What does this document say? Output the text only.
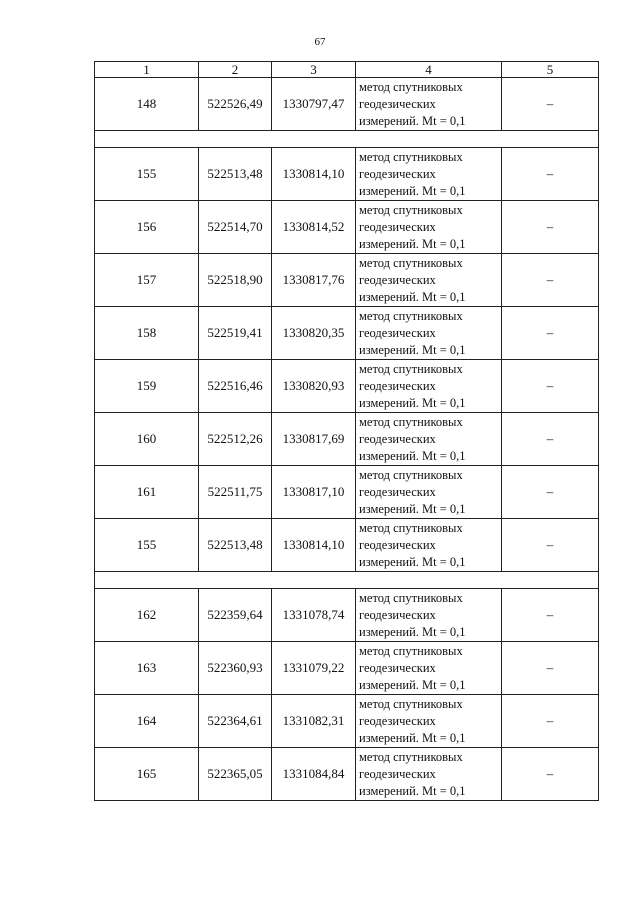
67
1	2	3	4	5
148	522526,49	1330797,47	метод спутниковых
геодезических
измерений. Mt = 0,1	–

155	522513,48	1330814,10	метод спутниковых
геодезических
измерений. Mt = 0,1	–
156	522514,70	1330814,52	метод спутниковых
геодезических
измерений. Mt = 0,1	–
157	522518,90	1330817,76	метод спутниковых
геодезических
измерений. Mt = 0,1	–
158	522519,41	1330820,35	метод спутниковых
геодезических
измерений. Mt = 0,1	–
159	522516,46	1330820,93	метод спутниковых
геодезических
измерений. Mt = 0,1	–
160	522512,26	1330817,69	метод спутниковых
геодезических
измерений. Mt = 0,1	–
161	522511,75	1330817,10	метод спутниковых
геодезических
измерений. Mt = 0,1	–
155	522513,48	1330814,10	метод спутниковых
геодезических
измерений. Mt = 0,1	–

162	522359,64	1331078,74	метод спутниковых
геодезических
измерений. Mt = 0,1	–
163	522360,93	1331079,22	метод спутниковых
геодезических
измерений. Mt = 0,1	–
164	522364,61	1331082,31	метод спутниковых
геодезических
измерений. Mt = 0,1	–
165	522365,05	1331084,84	метод спутниковых
геодезических
измерений. Mt = 0,1	–
